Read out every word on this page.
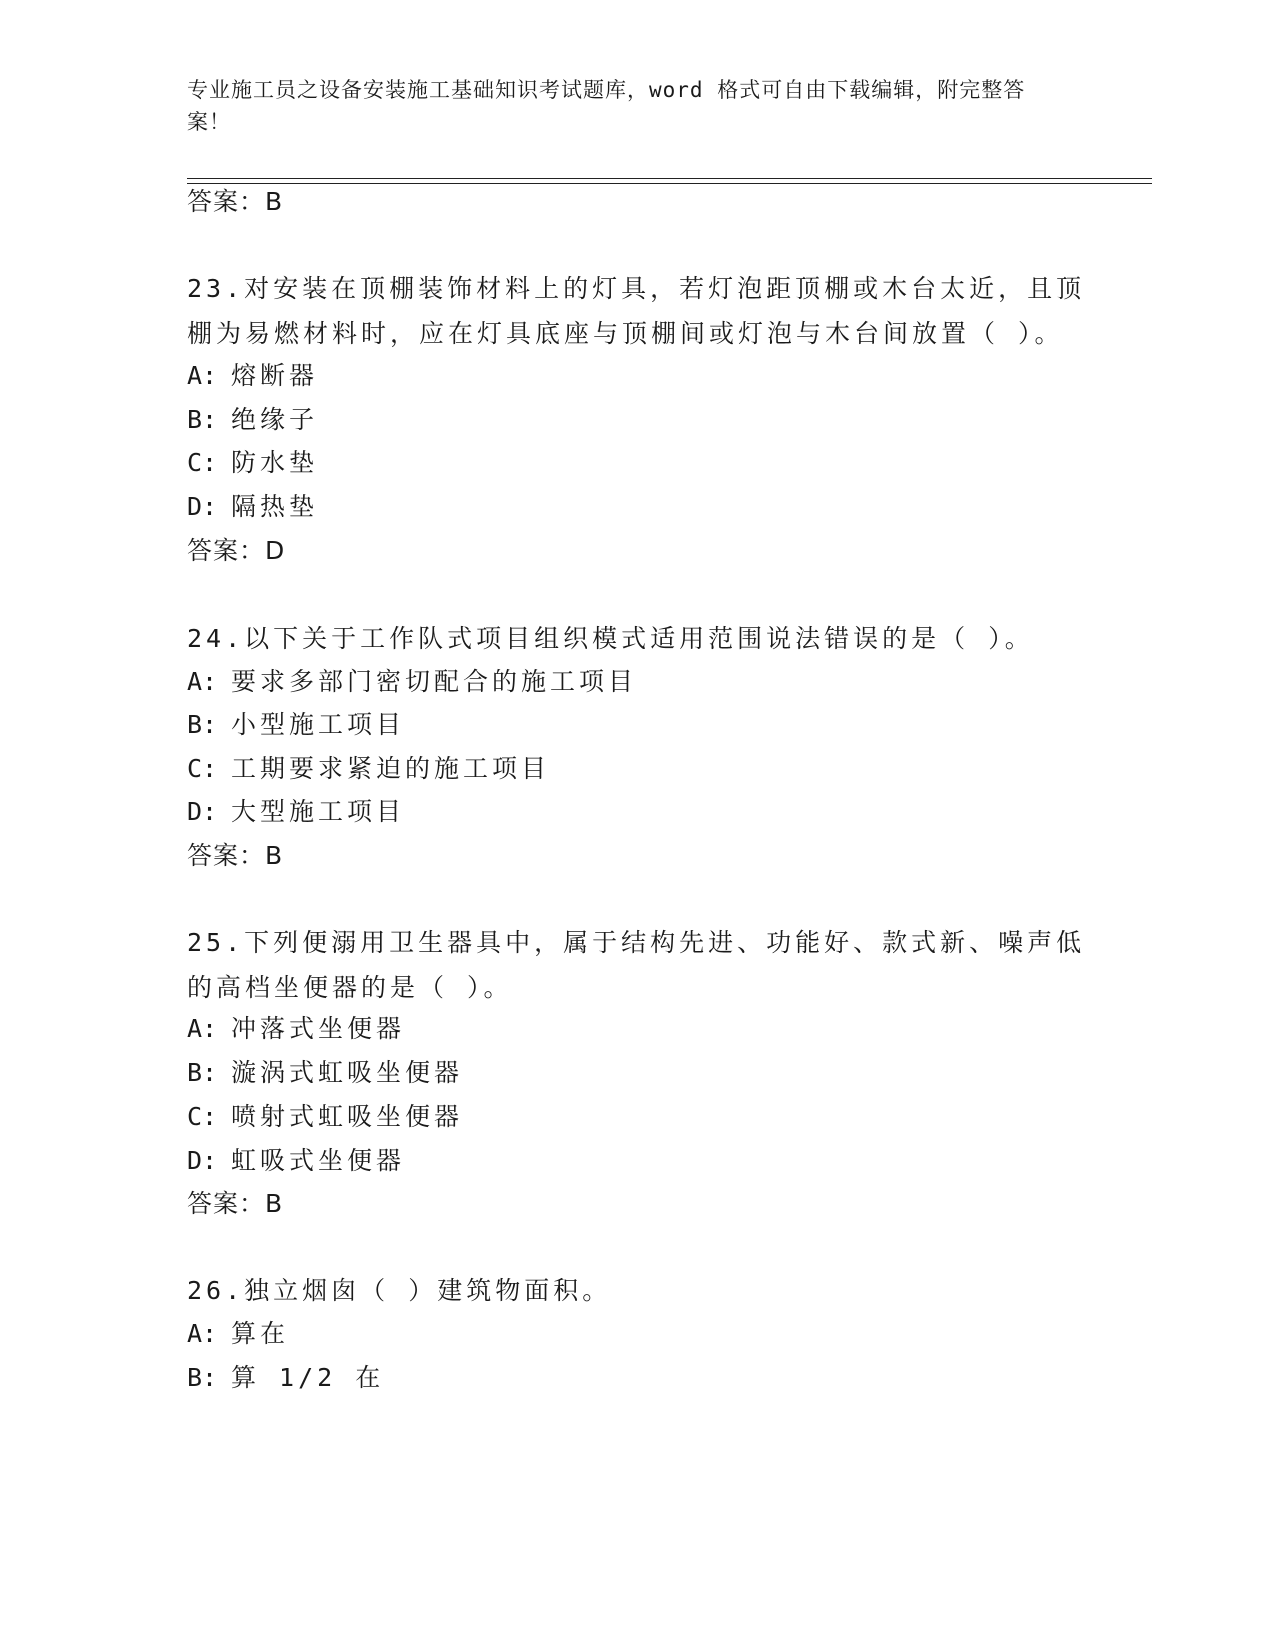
专业施工员之设备安装施工基础知识考试题库，word 格式可自由下载编辑，附完整答案！
答案：B
23.对安装在顶棚装饰材料上的灯具，若灯泡距顶棚或木台太近，且顶棚为易燃材料时，应在灯具底座与顶棚间或灯泡与木台间放置（ ）。
A: 熔断器
B: 绝缘子
C: 防水垫
D: 隔热垫
答案：D
24.以下关于工作队式项目组织模式适用范围说法错误的是（ ）。
A: 要求多部门密切配合的施工项目
B: 小型施工项目
C: 工期要求紧迫的施工项目
D: 大型施工项目
答案：B
25.下列便溺用卫生器具中，属于结构先进、功能好、款式新、噪声低的高档坐便器的是（ ）。
A: 冲落式坐便器
B: 漩涡式虹吸坐便器
C: 喷射式虹吸坐便器
D: 虹吸式坐便器
答案：B
26.独立烟囱（ ）建筑物面积。
A: 算在
B: 算 1/2 在
